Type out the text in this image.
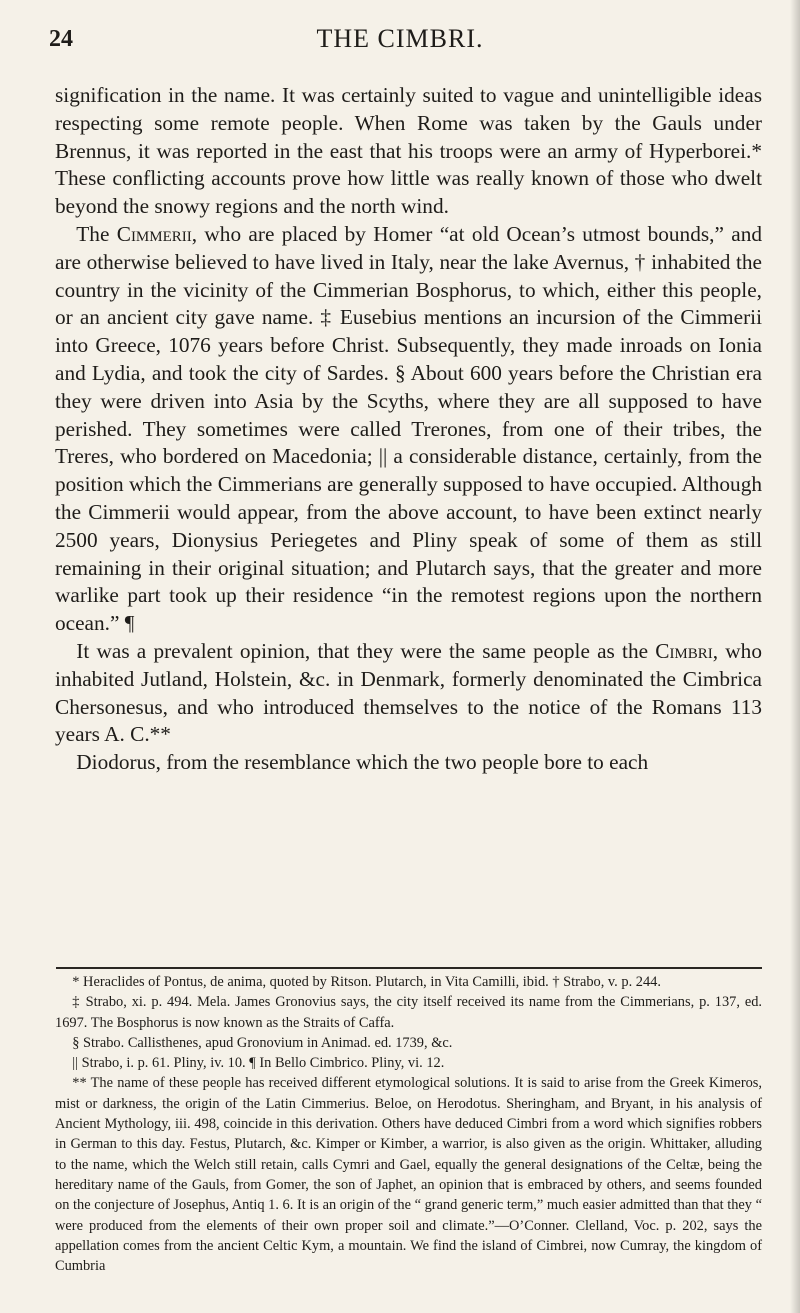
24	THE CIMBRI.

signification in the name. It was certainly suited to vague and unintelligible ideas respecting some remote people. When Rome was taken by the Gauls under Brennus, it was reported in the east that his troops were an army of Hyperborei.* These conflicting accounts prove how little was really known of those who dwelt beyond the snowy regions and the north wind.

The Cimmerii, who are placed by Homer “at old Ocean’s utmost bounds,” and are otherwise believed to have lived in Italy, near the lake Avernus, † inhabited the country in the vicinity of the Cimmerian Bosphorus, to which, either this people, or an ancient city gave name. ‡ Eusebius mentions an incursion of the Cimmerii into Greece, 1076 years before Christ. Subsequently, they made inroads on Ionia and Lydia, and took the city of Sardes. § About 600 years before the Christian era they were driven into Asia by the Scyths, where they are all supposed to have perished. They sometimes were called Trerones, from one of their tribes, the Treres, who bordered on Macedonia; || a considerable distance, certainly, from the position which the Cimmerians are generally supposed to have occupied. Although the Cimmerii would appear, from the above account, to have been extinct nearly 2500 years, Dionysius Periegetes and Pliny speak of some of them as still remaining in their original situation; and Plutarch says, that the greater and more warlike part took up their residence “in the remotest regions upon the northern ocean.” ¶

It was a prevalent opinion, that they were the same people as the Cimbri, who inhabited Jutland, Holstein, &c. in Denmark, formerly denominated the Cimbrica Chersonesus, and who introduced themselves to the notice of the Romans 113 years A. C.**

Diodorus, from the resemblance which the two people bore to each

* Heraclides of Pontus, de anima, quoted by Ritson. Plutarch, in Vita Camilli, ibid. † Strabo, v. p. 244.

‡ Strabo, xi. p. 494. Mela. James Gronovius says, the city itself received its name from the Cimmerians, p. 137, ed. 1697. The Bosphorus is now known as the Straits of Caffa.

§ Strabo. Callisthenes, apud Gronovium in Animad. ed. 1739, &c.

|| Strabo, i. p. 61. Pliny, iv. 10. ¶ In Bello Cimbrico. Pliny, vi. 12.

** The name of these people has received different etymological solutions. It is said to arise from the Greek Kimeros, mist or darkness, the origin of the Latin Cimmerius. Beloe, on Herodotus. Sheringham, and Bryant, in his analysis of Ancient Mythology, iii. 498, coincide in this derivation. Others have deduced Cimbri from a word which signifies robbers in German to this day. Festus, Plutarch, &c. Kimper or Kimber, a warrior, is also given as the origin. Whittaker, alluding to the name, which the Welch still retain, calls Cymri and Gael, equally the general designations of the Celtæ, being the hereditary name of the Gauls, from Gomer, the son of Japhet, an opinion that is embraced by others, and seems founded on the conjecture of Josephus, Antiq 1. 6. It is an origin of the “ grand generic term,” much easier admitted than that they “ were produced from the elements of their own proper soil and climate.”—O’Conner. Clelland, Voc. p. 202, says the appellation comes from the ancient Celtic Kym, a mountain. We find the island of Cimbrei, now Cumray, the kingdom of Cumbria
